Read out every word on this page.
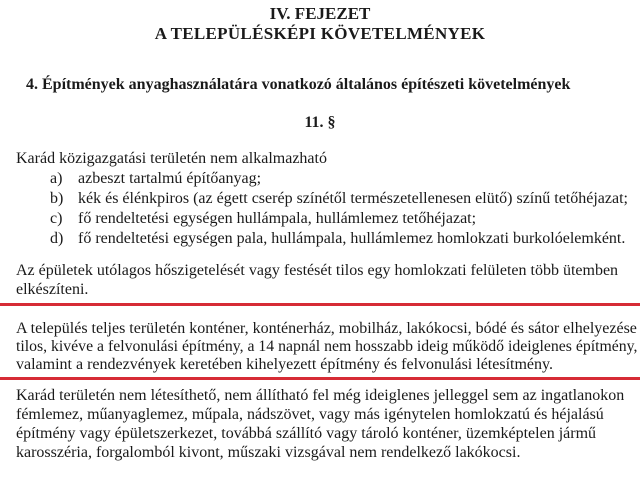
IV. FEJEZET
A TELEPÜLÉSKÉPI KÖVETELMÉNYEK
4. Építmények anyaghasználatára vonatkozó általános építészeti követelmények
11. §
Karád közigazgatási területén nem alkalmazható
a) azbeszt tartalmú építőanyag;
b) kék és élénkpiros (az égett cserép színétől természetellenesen elütő) színű tetőhéjazat;
c) fő rendeltetési egységen hullámpala, hullámlemez tetőhéjazat;
d) fő rendeltetési egységen pala, hullámpala, hullámlemez homlokzati burkolóelemként.
Az épületek utólagos hőszigetelését vagy festését tilos egy homlokzati felületen több ütemben
elkészíteni.
A település teljes területén konténer, konténerház, mobilház, lakókocsi, bódé és sátor elhelyezése
tilos, kivéve a felvonulási építmény, a 14 napnál nem hosszabb ideig működő ideiglenes építmény,
valamint a rendezvények keretében kihelyezett építmény és felvonulási létesítmény.
Karád területén nem létesíthető, nem állítható fel még ideiglenes jelleggel sem az ingatlanokon
fémlemez, műanyaglemez, műpala, nádszövet, vagy más igénytelen homlokzatú és héjalású
építmény vagy épületszerkezet, továbbá szállító vagy tároló konténer, üzemképtelen jármű
karosszéria, forgalomból kivont, műszaki vizsgával nem rendelkező lakókocsi.
